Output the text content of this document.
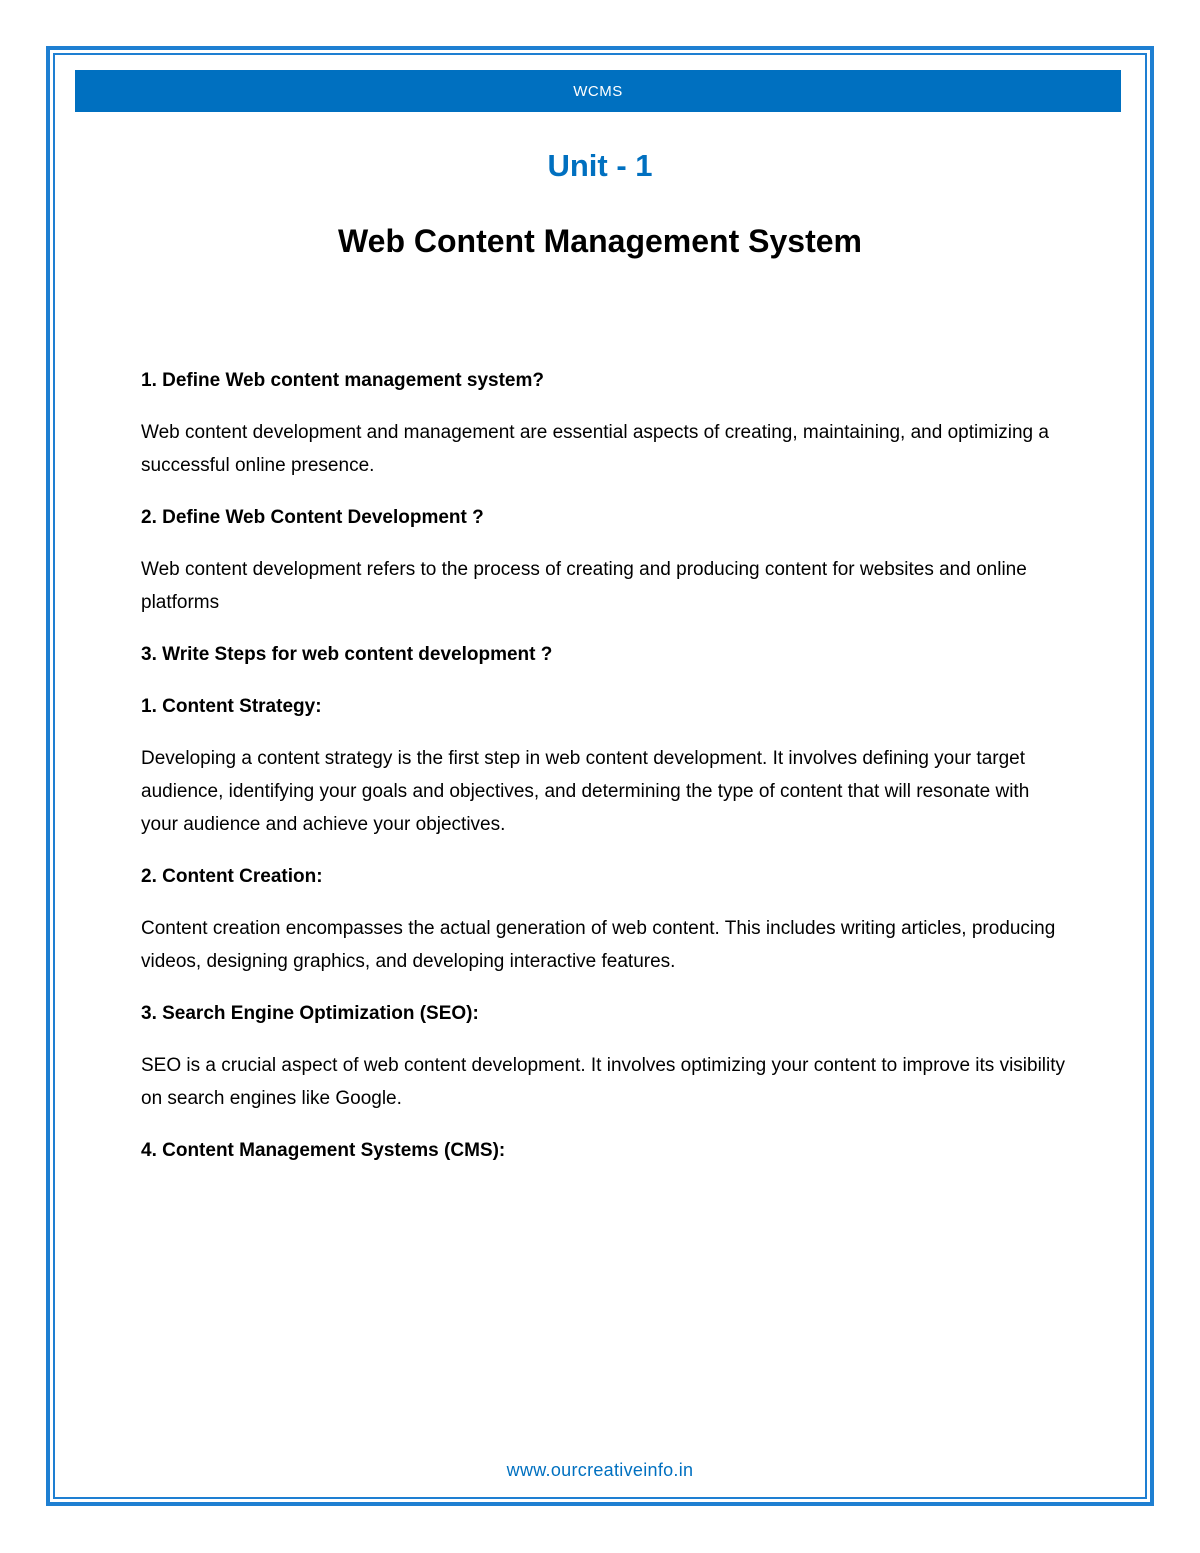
WCMS
Unit - 1
Web Content Management System

1. Define Web content management system?

Web content development and management are essential aspects of creating, maintaining, and optimizing a successful online presence.

2. Define Web Content Development ?

Web content development refers to the process of creating and producing content for websites and online platforms

3. Write Steps for web content development ?

1. Content Strategy:

Developing a content strategy is the first step in web content development. It involves defining your target audience, identifying your goals and objectives, and determining the type of content that will resonate with your audience and achieve your objectives.

2. Content Creation:

Content creation encompasses the actual generation of web content. This includes writing articles, producing videos, designing graphics, and developing interactive features.

3. Search Engine Optimization (SEO):

SEO is a crucial aspect of web content development. It involves optimizing your content to improve its visibility on search engines like Google.

4. Content Management Systems (CMS):

www.ourcreativeinfo.in
